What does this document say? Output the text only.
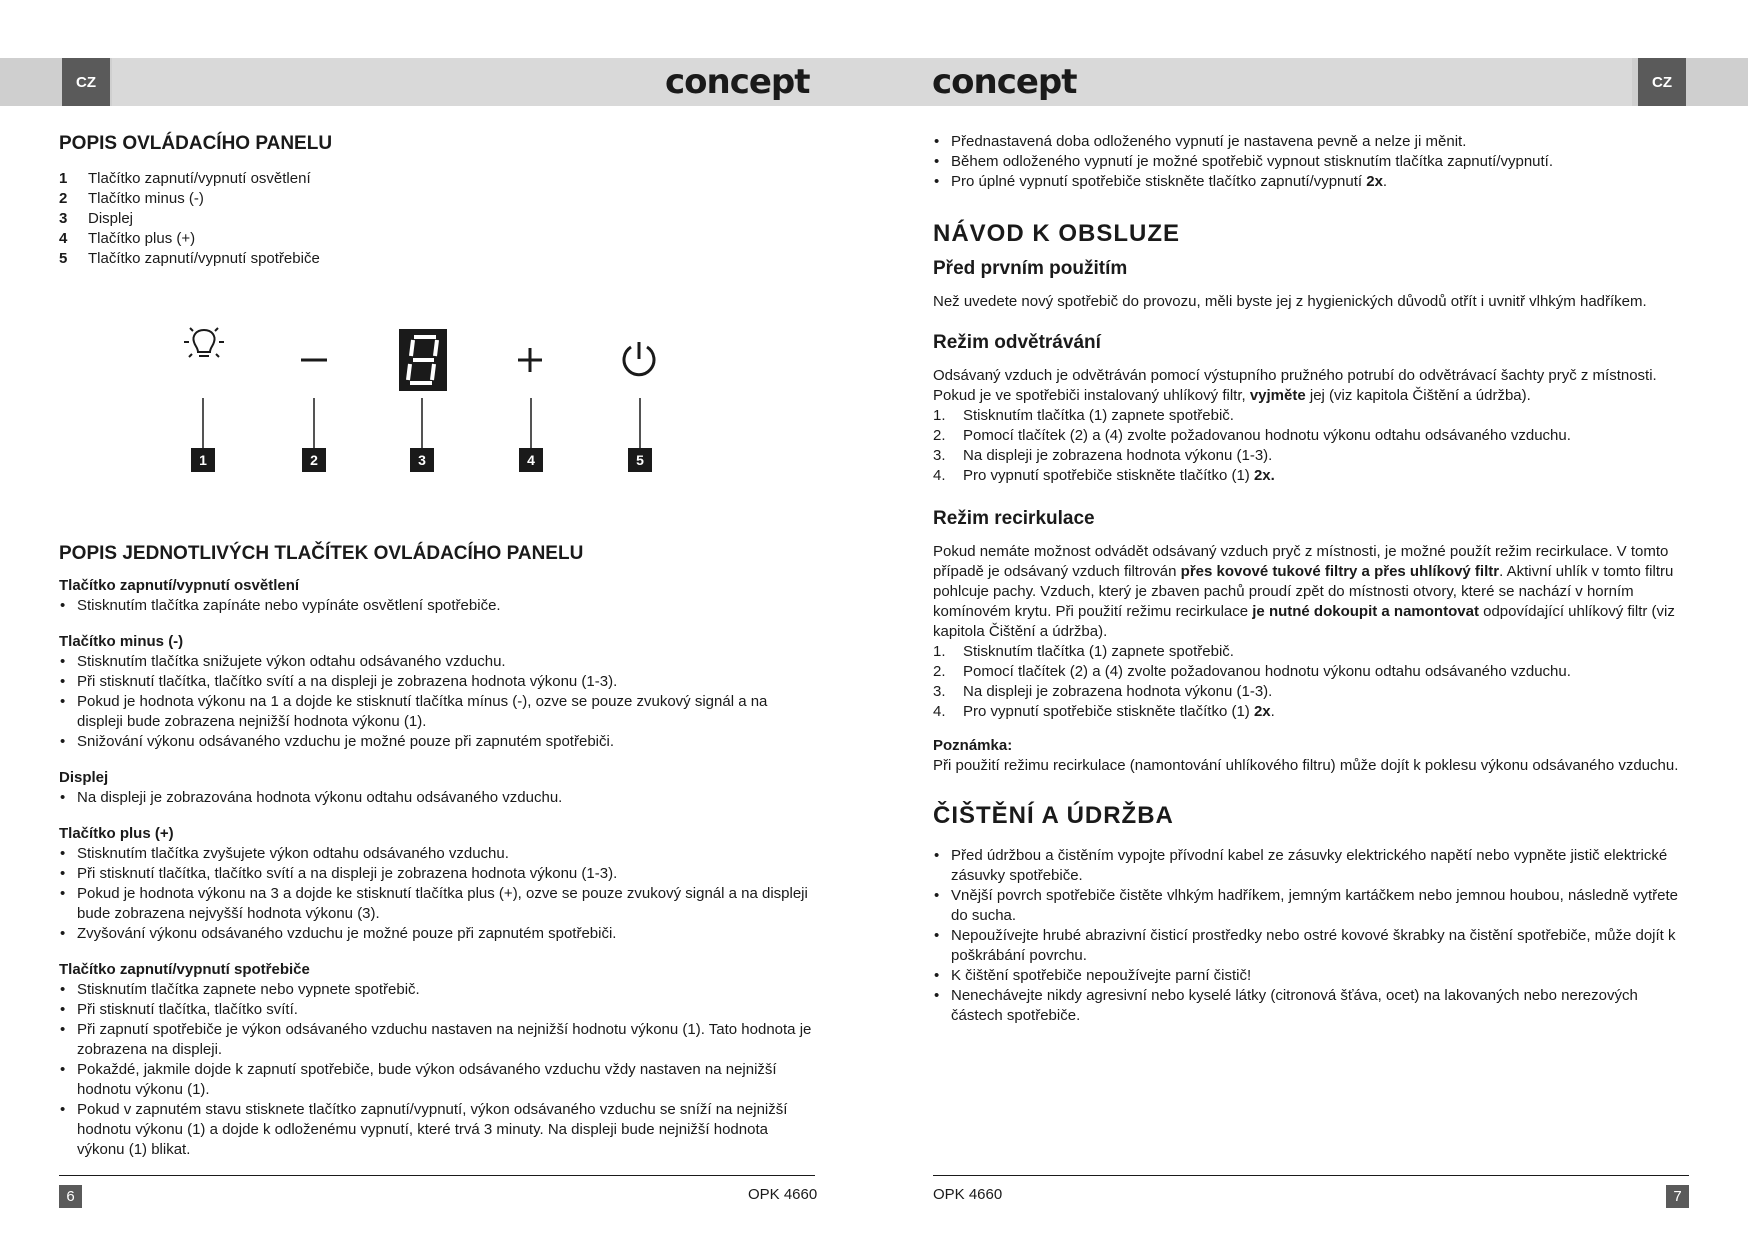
CZ	CZ
concept	concept
POPIS OVLÁDACÍHO PANELU
1 Tlačítko zapnutí/vypnutí osvětlení
2 Tlačítko minus (-)
3 Displej
4 Tlačítko plus (+)
5 Tlačítko zapnutí/vypnutí spotřebiče
1	2	3	4	5
POPIS JEDNOTLIVÝCH TLAČÍTEK OVLÁDACÍHO PANELU
Tlačítko zapnutí/vypnutí osvětlení
• Stisknutím tlačítka zapínáte nebo vypínáte osvětlení spotřebiče.
Tlačítko minus (-)
• Stisknutím tlačítka snižujete výkon odtahu odsávaného vzduchu.
• Při stisknutí tlačítka, tlačítko svítí a na displeji je zobrazena hodnota výkonu (1-3).
• Pokud je hodnota výkonu na 1 a dojde ke stisknutí tlačítka mínus (-), ozve se pouze zvukový signál a na displeji bude zobrazena nejnižší hodnota výkonu (1).
• Snižování výkonu odsávaného vzduchu je možné pouze při zapnutém spotřebiči.
Displej
• Na displeji je zobrazována hodnota výkonu odtahu odsávaného vzduchu.
Tlačítko plus (+)
• Stisknutím tlačítka zvyšujete výkon odtahu odsávaného vzduchu.
• Při stisknutí tlačítka, tlačítko svítí a na displeji je zobrazena hodnota výkonu (1-3).
• Pokud je hodnota výkonu na 3 a dojde ke stisknutí tlačítka plus (+), ozve se pouze zvukový signál a na displeji bude zobrazena nejvyšší hodnota výkonu (3).
• Zvyšování výkonu odsávaného vzduchu je možné pouze při zapnutém spotřebiči.
Tlačítko zapnutí/vypnutí spotřebiče
• Stisknutím tlačítka zapnete nebo vypnete spotřebič.
• Při stisknutí tlačítka, tlačítko svítí.
• Při zapnutí spotřebiče je výkon odsávaného vzduchu nastaven na nejnižší hodnotu výkonu (1). Tato hodnota je zobrazena na displeji.
• Pokaždé, jakmile dojde k zapnutí spotřebiče, bude výkon odsávaného vzduchu vždy nastaven na nejnižší hodnotu výkonu (1).
• Pokud v zapnutém stavu stisknete tlačítko zapnutí/vypnutí, výkon odsávaného vzduchu se sníží na nejnižší hodnotu výkonu (1) a dojde k odloženému vypnutí, které trvá 3 minuty. Na displeji bude nejnižší hodnota výkonu (1) blikat.
6	OPK 4660
• Přednastavená doba odloženého vypnutí je nastavena pevně a nelze ji měnit.
• Během odloženého vypnutí je možné spotřebič vypnout stisknutím tlačítka zapnutí/vypnutí.
• Pro úplné vypnutí spotřebiče stiskněte tlačítko zapnutí/vypnutí 2x.
NÁVOD K OBSLUZE
Před prvním použitím
Než uvedete nový spotřebič do provozu, měli byste jej z hygienických důvodů otřít i uvnitř vlhkým hadříkem.
Režim odvětrávání
Odsávaný vzduch je odvětráván pomocí výstupního pružného potrubí do odvětrávací šachty pryč z místnosti. Pokud je ve spotřebiči instalovaný uhlíkový filtr, vyjměte jej (viz kapitola Čištění a údržba).
1. Stisknutím tlačítka (1) zapnete spotřebič.
2. Pomocí tlačítek (2) a (4) zvolte požadovanou hodnotu výkonu odtahu odsávaného vzduchu.
3. Na displeji je zobrazena hodnota výkonu (1-3).
4. Pro vypnutí spotřebiče stiskněte tlačítko (1) 2x.
Režim recirkulace
Pokud nemáte možnost odvádět odsávaný vzduch pryč z místnosti, je možné použít režim recirkulace. V tomto případě je odsávaný vzduch filtrován přes kovové tukové filtry a přes uhlíkový filtr. Aktivní uhlík v tomto filtru pohlcuje pachy. Vzduch, který je zbaven pachů proudí zpět do místnosti otvory, které se nachází v horním komínovém krytu. Při použití režimu recirkulace je nutné dokoupit a namontovat odpovídající uhlíkový filtr (viz kapitola Čištění a údržba).
1. Stisknutím tlačítka (1) zapnete spotřebič.
2. Pomocí tlačítek (2) a (4) zvolte požadovanou hodnotu výkonu odtahu odsávaného vzduchu.
3. Na displeji je zobrazena hodnota výkonu (1-3).
4. Pro vypnutí spotřebiče stiskněte tlačítko (1) 2x.
Poznámka:
Při použití režimu recirkulace (namontování uhlíkového filtru) může dojít k poklesu výkonu odsávaného vzduchu.
ČIŠTĚNÍ A ÚDRŽBA
• Před údržbou a čistěním vypojte přívodní kabel ze zásuvky elektrického napětí nebo vypněte jistič elektrické zásuvky spotřebiče.
• Vnější povrch spotřebiče čistěte vlhkým hadříkem, jemným kartáčkem nebo jemnou houbou, následně vytřete do sucha.
• Nepoužívejte hrubé abrazivní čisticí prostředky nebo ostré kovové škrabky na čistění spotřebiče, může dojít k poškrábání povrchu.
• K čištění spotřebiče nepoužívejte parní čistič!
• Nenechávejte nikdy agresivní nebo kyselé látky (citronová šťáva, ocet) na lakovaných nebo nerezových částech spotřebiče.
OPK 4660	7
